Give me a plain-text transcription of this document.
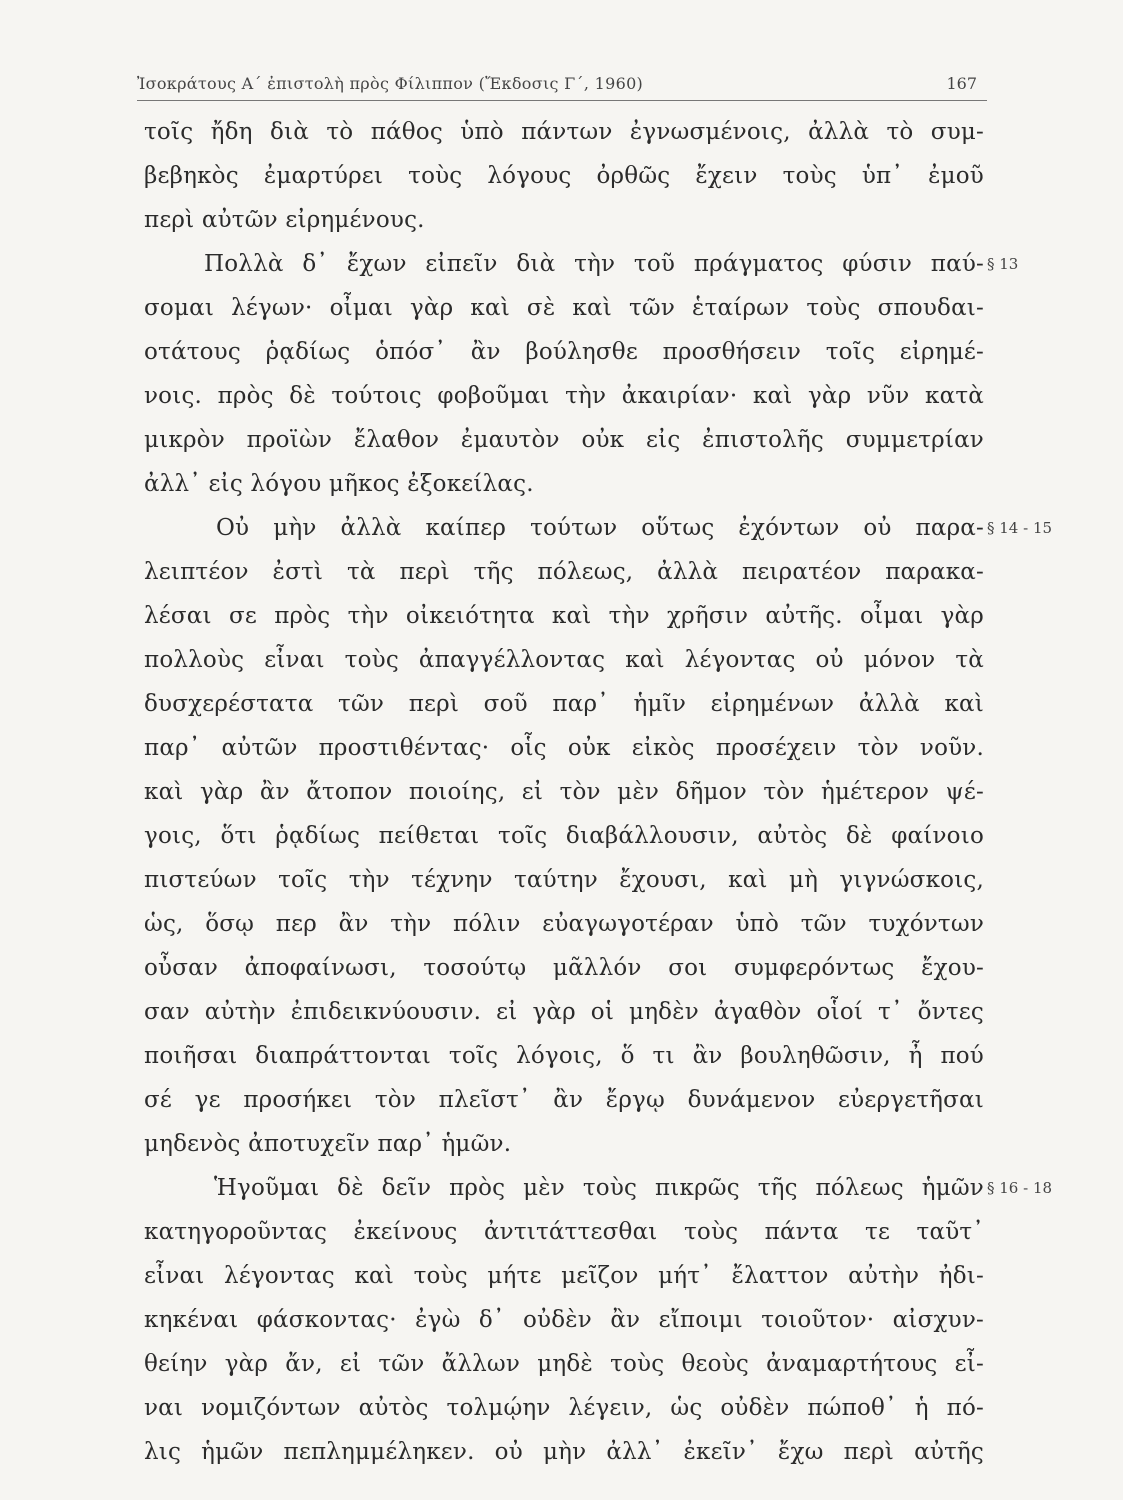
Ἰσοκράτους Α΄ ἐπιστολὴ πρὸς Φίλιππον (Ἔκδοσις Γ΄, 1960)	167
τοῖς ἤδη διὰ τὸ πάθος ὑπὸ πάντων ἐγνωσμένοις, ἀλλὰ τὸ συμ-
βεβηκὸς ἐμαρτύρει τοὺς λόγους ὀρθῶς ἔχειν τοὺς ὑπ᾽ ἐμοῦ
περὶ αὐτῶν εἰρημένους.
Πολλὰ δ᾽ ἔχων εἰπεῖν διὰ τὴν τοῦ πράγματος φύσιν παύ-
σομαι λέγων· οἶμαι γὰρ καὶ σὲ καὶ τῶν ἑταίρων τοὺς σπουδαι-
οτάτους ῥᾳδίως ὁπόσ᾽ ἂν βούλησθε προσθήσειν τοῖς εἰρημέ-
νοις. πρὸς δὲ τούτοις φοβοῦμαι τὴν ἀκαιρίαν· καὶ γὰρ νῦν κατὰ
μικρὸν προϊὼν ἔλαθον ἐμαυτὸν οὐκ εἰς ἐπιστολῆς συμμετρίαν
ἀλλ᾽ εἰς λόγου μῆκος ἐξοκείλας.
Οὐ μὴν ἀλλὰ καίπερ τούτων οὕτως ἐχόντων οὐ παρα-
λειπτέον ἐστὶ τὰ περὶ τῆς πόλεως, ἀλλὰ πειρατέον παρακα-
λέσαι σε πρὸς τὴν οἰκειότητα καὶ τὴν χρῆσιν αὐτῆς. οἶμαι γὰρ
πολλοὺς εἶναι τοὺς ἀπαγγέλλοντας καὶ λέγοντας οὐ μόνον τὰ
δυσχερέστατα τῶν περὶ σοῦ παρ᾽ ἡμῖν εἰρημένων ἀλλὰ καὶ
παρ᾽ αὐτῶν προστιθέντας· οἷς οὐκ εἰκὸς προσέχειν τὸν νοῦν.
καὶ γὰρ ἂν ἄτοπον ποιοίης, εἰ τὸν μὲν δῆμον τὸν ἡμέτερον ψέ-
γοις, ὅτι ῥᾳδίως πείθεται τοῖς διαβάλλουσιν, αὐτὸς δὲ φαίνοιο
πιστεύων τοῖς τὴν τέχνην ταύτην ἔχουσι, καὶ μὴ γιγνώσκοις,
ὡς, ὅσῳ περ ἂν τὴν πόλιν εὐαγωγοτέραν ὑπὸ τῶν τυχόντων
οὖσαν ἀποφαίνωσι, τοσούτῳ μᾶλλόν σοι συμφερόντως ἔχου-
σαν αὐτὴν ἐπιδεικνύουσιν. εἰ γὰρ οἱ μηδὲν ἀγαθὸν οἷοί τ᾽ ὄντες
ποιῆσαι διαπράττονται τοῖς λόγοις, ὅ τι ἂν βουληθῶσιν, ἦ πού
σέ γε προσήκει τὸν πλεῖστ᾽ ἂν ἔργῳ δυνάμενον εὐεργετῆσαι
μηδενὸς ἀποτυχεῖν παρ᾽ ἡμῶν.
Ἡγοῦμαι δὲ δεῖν πρὸς μὲν τοὺς πικρῶς τῆς πόλεως ἡμῶν
κατηγοροῦντας ἐκείνους ἀντιτάττεσθαι τοὺς πάντα τε ταῦτ᾽
εἶναι λέγοντας καὶ τοὺς μήτε μεῖζον μήτ᾽ ἔλαττον αὐτὴν ἠδι-
κηκέναι φάσκοντας· ἐγὼ δ᾽ οὐδὲν ἂν εἴποιμι τοιοῦτον· αἰσχυν-
θείην γὰρ ἄν, εἰ τῶν ἄλλων μηδὲ τοὺς θεοὺς ἀναμαρτήτους εἶ-
ναι νομιζόντων αὐτὸς τολμῴην λέγειν, ὡς οὐδὲν πώποθ᾽ ἡ πό-
λις ἡμῶν πεπλημμέληκεν. οὐ μὴν ἀλλ᾽ ἐκεῖν᾽ ἔχω περὶ αὐτῆς
§ 13
§ 14 - 15
§ 16 - 18
